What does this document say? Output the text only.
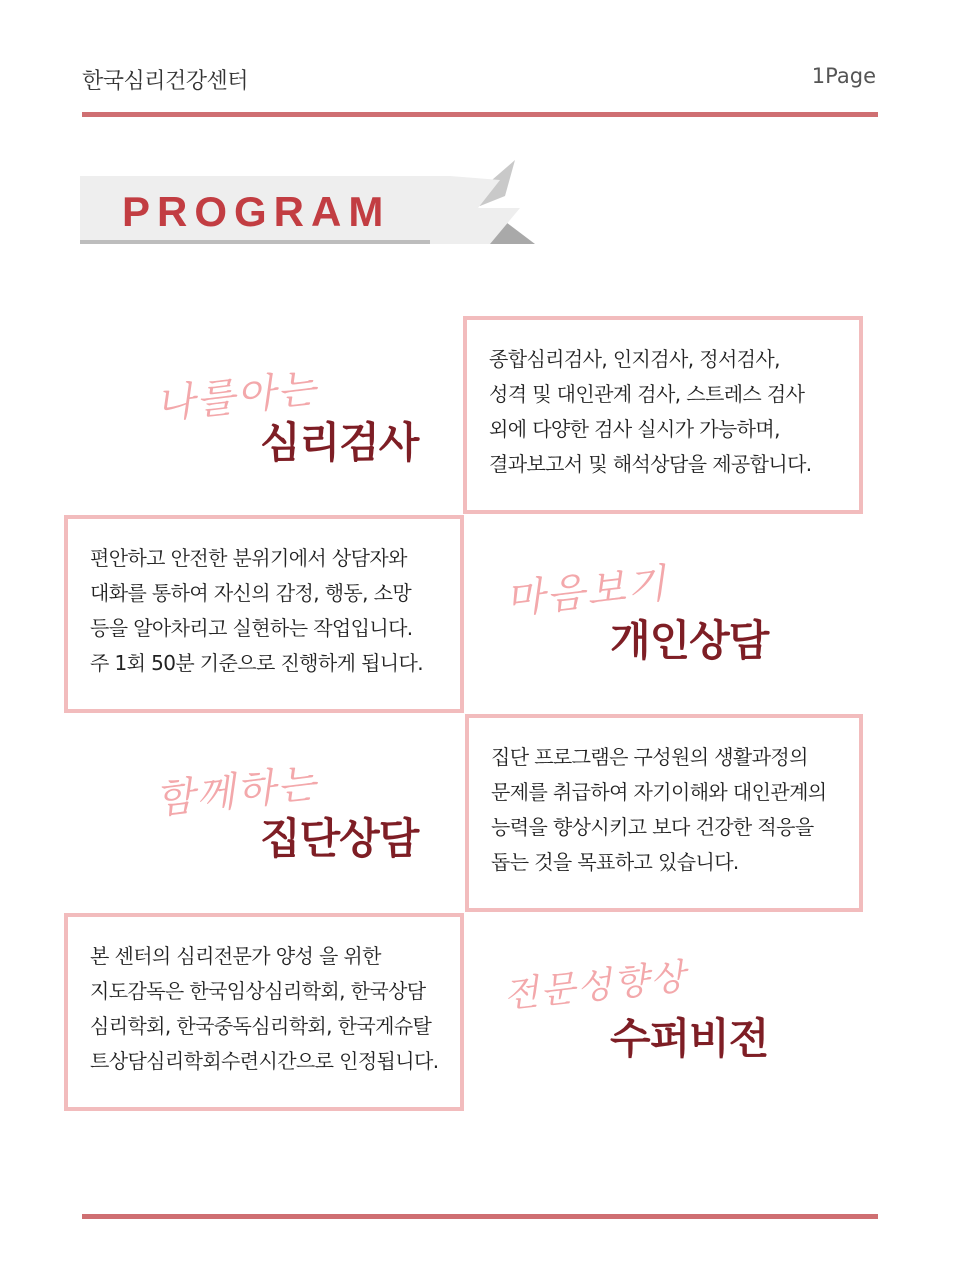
한국심리건강센터	1Page
PROGRAM
나를아는
심리검사

종합심리검사, 인지검사, 정서검사,

성격 및 대인관계 검사, 스트레스 검사

외에 다양한 검사 실시가 가능하며,

결과보고서 및 해석상담을 제공합니다.

편안하고 안전한 분위기에서 상담자와

대화를 통하여 자신의 감정, 행동, 소망

등을 알아차리고 실현하는 작업입니다.

주 1회 50분 기준으로 진행하게 됩니다.

마음보기
개인상담
함께하는
집단상담

집단 프로그램은 구성원의 생활과정의

문제를 취급하여 자기이해와 대인관계의

능력을 향상시키고 보다 건강한 적응을

돕는 것을 목표하고 있습니다.

본 센터의 심리전문가 양성 을 위한

지도감독은 한국임상심리학회, 한국상담

심리학회, 한국중독심리학회, 한국게슈탈

트상담심리학회수련시간으로 인정됩니다.

전문성향상
수퍼비전
